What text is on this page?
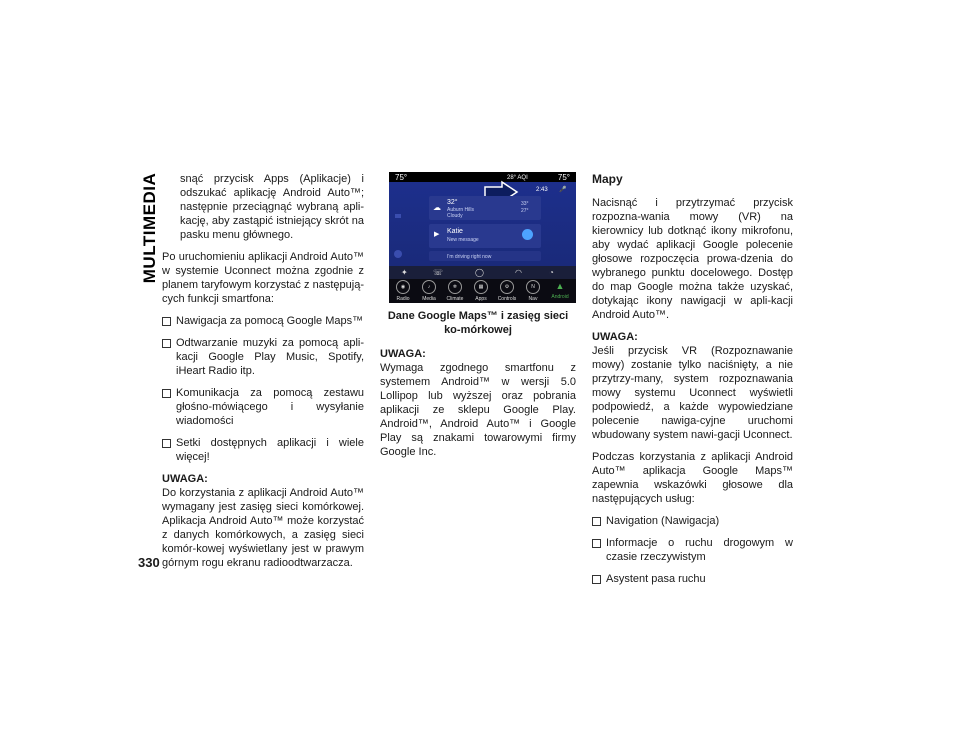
MULTIMEDIA
330

snąć przycisk Apps (Aplikacje) i odszukać aplikację Android Auto™; następnie przeciągnąć wybraną apli-kację, aby zastąpić istniejący skrót na pasku menu głównego.

Po uruchomieniu aplikacji Android Auto™ w systemie Uconnect można zgodnie z planem taryfowym korzystać z następują-cych funkcji smartfona:

Nawigacja za pomocą Google Maps™
Odtwarzanie muzyki za pomocą apli-kacji Google Play Music, Spotify, iHeart Radio itp.
Komunikacja za pomocą zestawu głośno-mówiącego i wysyłanie wiadomości
Setki dostępnych aplikacji i wiele więcej!

UWAGA:

Do korzystania z aplikacji Android Auto™ wymagany jest zasięg sieci komórkowej. Aplikacja Android Auto™ może korzystać z danych komórkowych, a zasięg sieci komór-kowej wyświetlany jest w prawym górnym rogu ekranu radioodtwarzacza.

75°	28° AQI	75°
2:43 🎤
☁
32°
Auburn Hills
Cloudy
33°
27°
▶ Katie
New message
I'm driving right now
✦	☏	◯	◠	◔
◉
Radio
♪
Media
❄
Climate
▦
Apps
⚙
Controls
N
Nav
▲
Android

Dane Google Maps™ i zasięg sieci ko-mórkowej

UWAGA:

Wymaga zgodnego smartfonu z systemem Android™ w wersji 5.0 Lollipop lub wyższej oraz pobrania aplikacji ze sklepu Google Play. Android™, Android Auto™ i Google Play są znakami towarowymi firmy Google Inc.

Mapy

Nacisnąć i przytrzymać przycisk rozpozna-wania mowy (VR) na kierownicy lub dotknąć ikony mikrofonu, aby wydać aplikacji Google polecenie głosowe rozpoczęcia prowa-dzenia do wybranego punktu docelowego. Dostęp do map Google można także uzyskać, dotykając ikony nawigacji w apli-kacji Android Auto™.

UWAGA:

Jeśli przycisk VR (Rozpoznawanie mowy) zostanie tylko naciśnięty, a nie przytrzy-many, system rozpoznawania mowy systemu Uconnect wyświetli podpowiedź, a każde wypowiedziane polecenie nawiga-cyjne uruchomi wbudowany system nawi-gacji Uconnect.

Podczas korzystania z aplikacji Android Auto™ aplikacja Google Maps™ zapewnia wskazówki głosowe dla następujących usług:

Navigation (Nawigacja)
Informacje o ruchu drogowym w czasie rzeczywistym
Asystent pasa ruchu
